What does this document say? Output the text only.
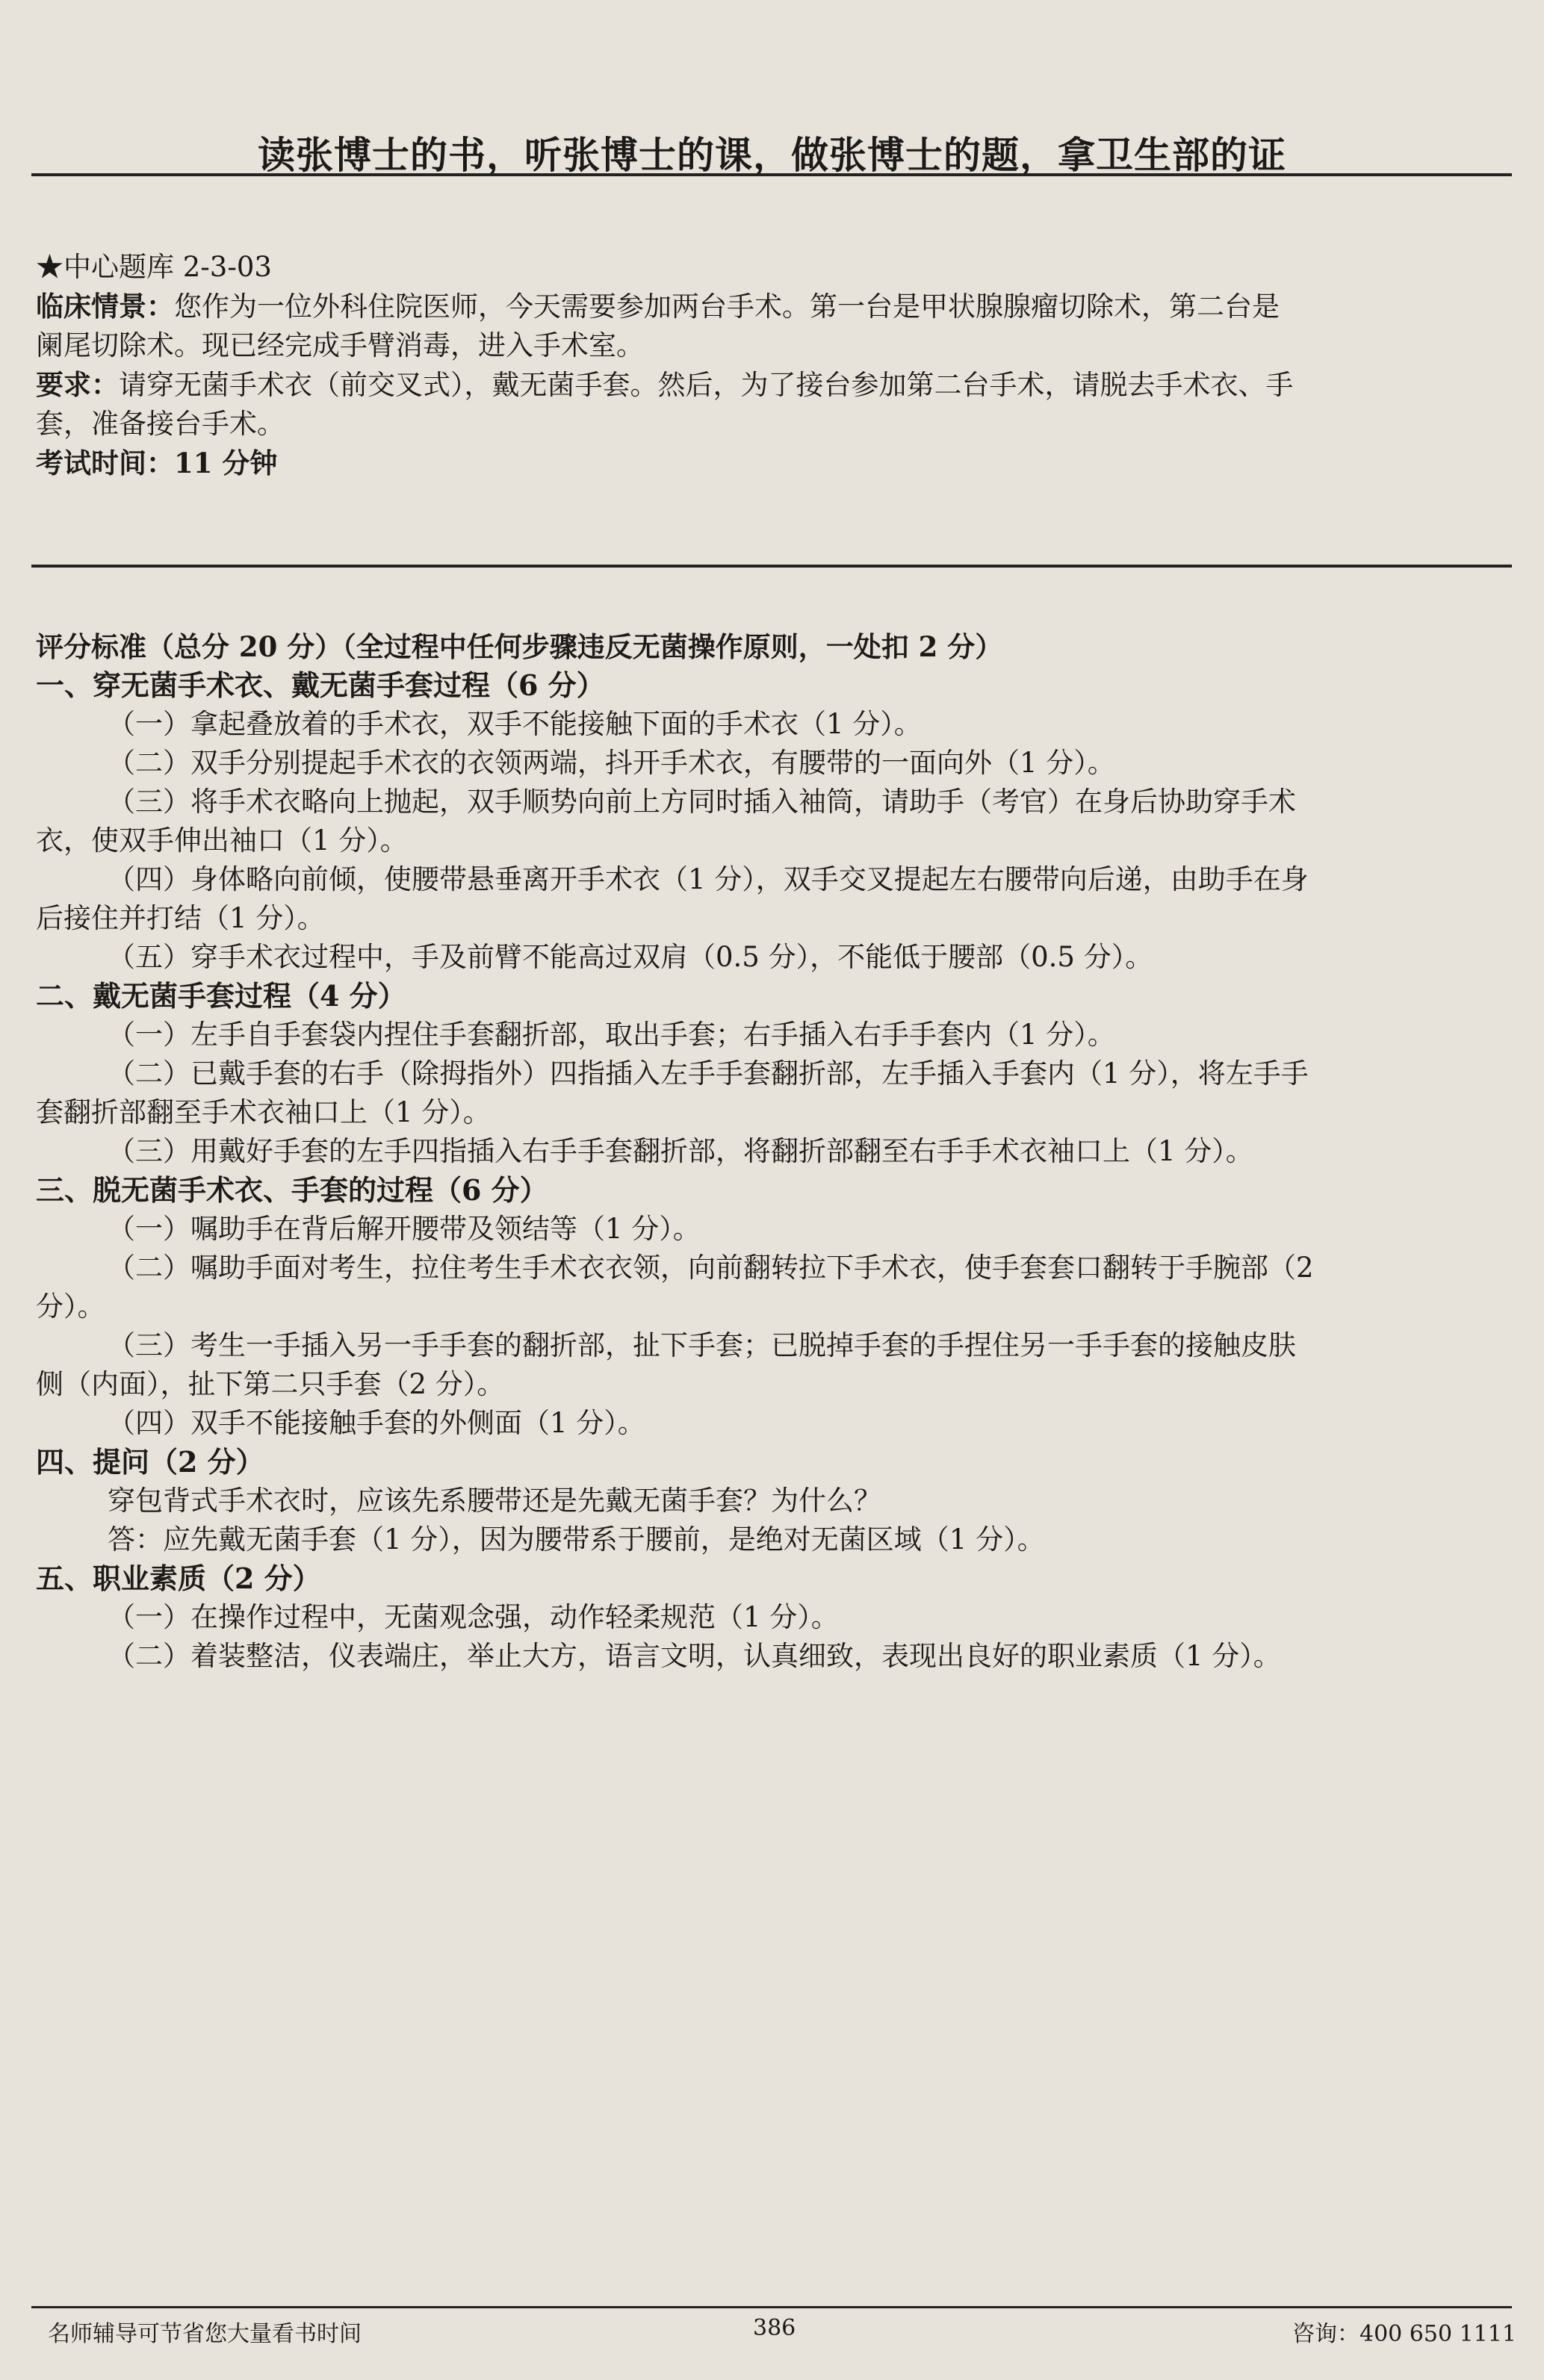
读张博士的书，听张博士的课，做张博士的题，拿卫生部的证
★中心题库 2-3-03
临床情景：您作为一位外科住院医师，今天需要参加两台手术。第一台是甲状腺腺瘤切除术，第二台是
阑尾切除术。现已经完成手臂消毒，进入手术室。
要求：请穿无菌手术衣（前交叉式），戴无菌手套。然后，为了接台参加第二台手术，请脱去手术衣、手
套，准备接台手术。
考试时间：11 分钟
评分标准（总分 20 分）（全过程中任何步骤违反无菌操作原则，一处扣 2 分）
一、穿无菌手术衣、戴无菌手套过程（6 分）
（一）拿起叠放着的手术衣，双手不能接触下面的手术衣（1 分）。
（二）双手分别提起手术衣的衣领两端，抖开手术衣，有腰带的一面向外（1 分）。
（三）将手术衣略向上抛起，双手顺势向前上方同时插入袖筒，请助手（考官）在身后协助穿手术
衣，使双手伸出袖口（1 分）。
（四）身体略向前倾，使腰带悬垂离开手术衣（1 分），双手交叉提起左右腰带向后递，由助手在身
后接住并打结（1 分）。
（五）穿手术衣过程中，手及前臂不能高过双肩（0.5 分），不能低于腰部（0.5 分）。
二、戴无菌手套过程（4 分）
（一）左手自手套袋内捏住手套翻折部，取出手套；右手插入右手手套内（1 分）。
（二）已戴手套的右手（除拇指外）四指插入左手手套翻折部，左手插入手套内（1 分），将左手手
套翻折部翻至手术衣袖口上（1 分）。
（三）用戴好手套的左手四指插入右手手套翻折部，将翻折部翻至右手手术衣袖口上（1 分）。
三、脱无菌手术衣、手套的过程（6 分）
（一）嘱助手在背后解开腰带及领结等（1 分）。
（二）嘱助手面对考生，拉住考生手术衣衣领，向前翻转拉下手术衣，使手套套口翻转于手腕部（2
分）。
（三）考生一手插入另一手手套的翻折部，扯下手套；已脱掉手套的手捏住另一手手套的接触皮肤
侧（内面），扯下第二只手套（2 分）。
（四）双手不能接触手套的外侧面（1 分）。
四、提问（2 分）
穿包背式手术衣时，应该先系腰带还是先戴无菌手套？为什么？
答：应先戴无菌手套（1 分），因为腰带系于腰前，是绝对无菌区域（1 分）。
五、职业素质（2 分）
（一）在操作过程中，无菌观念强，动作轻柔规范（1 分）。
（二）着装整洁，仪表端庄，举止大方，语言文明，认真细致，表现出良好的职业素质（1 分）。
名师辅导可节省您大量看书时间	386	咨询：400 650 1111
